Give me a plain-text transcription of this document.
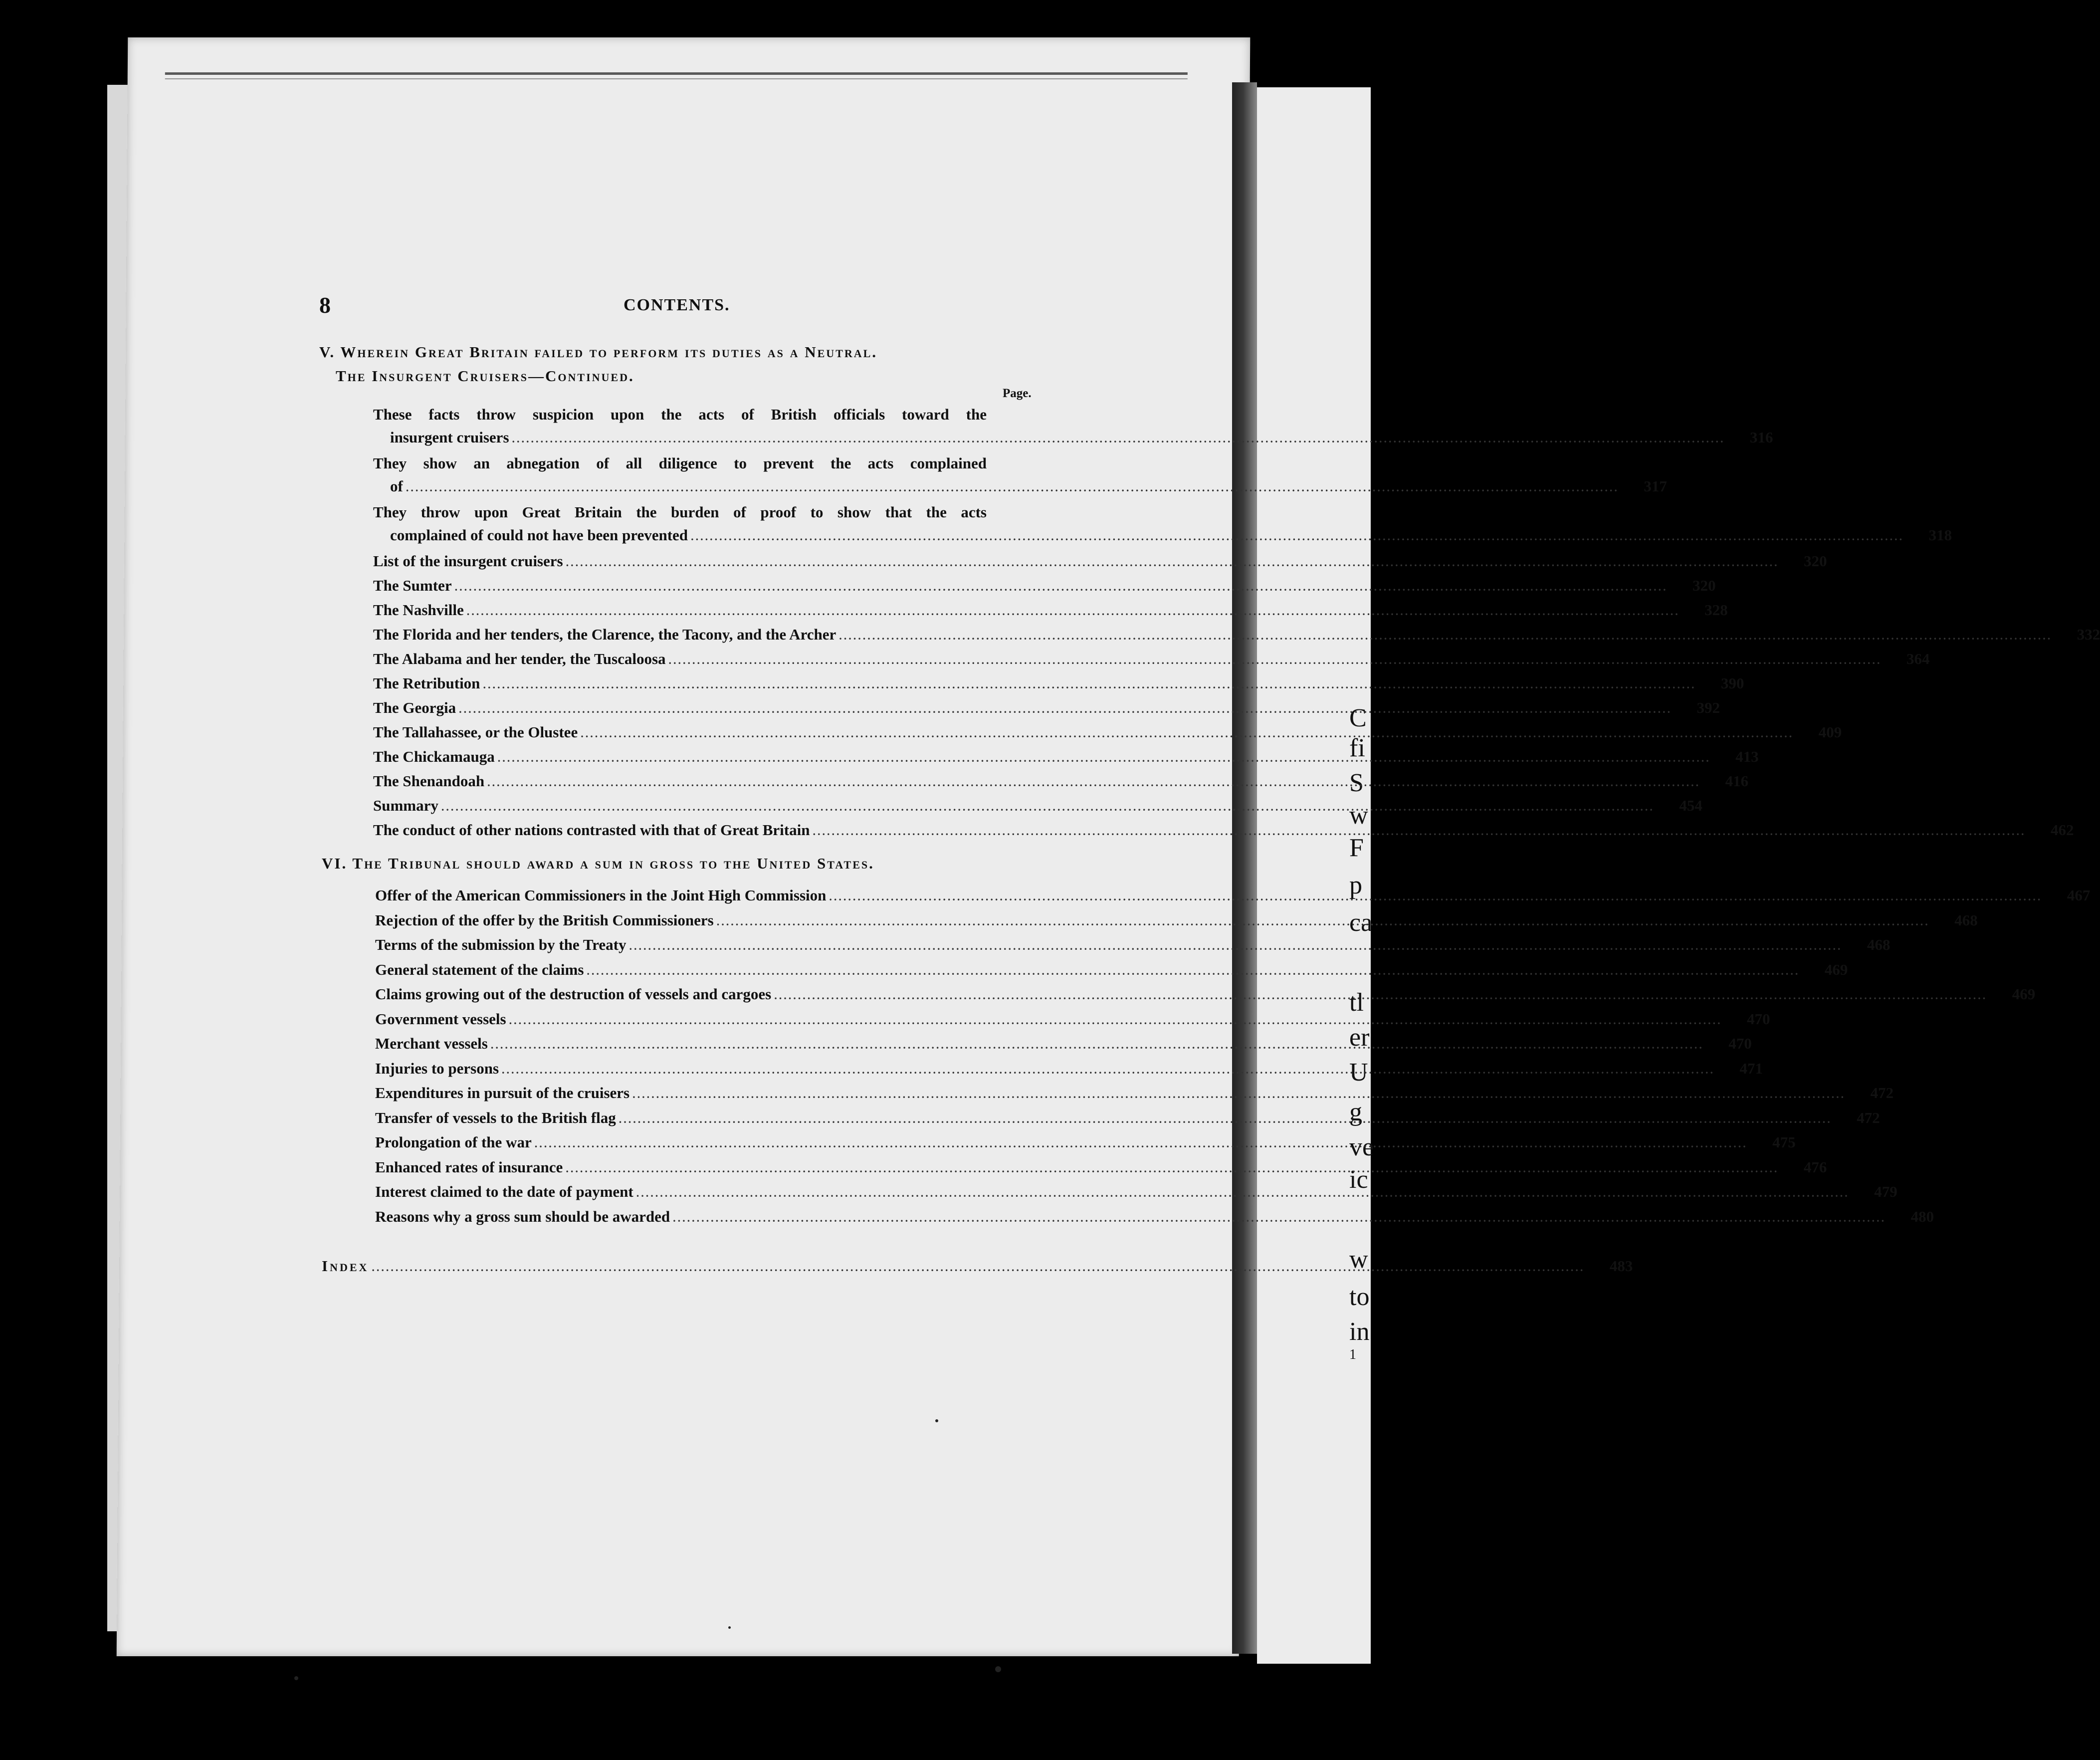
C
fi
S
w
F
p
ca
tl
er
U
g
ve
ic
w
to
in
1
8	CONTENTS.
V. Wherein Great Britain failed to perform its duties as a Neutral.
The Insurgent Cruisers—Continued.
Page.
These facts throw suspicion upon the acts of British officials toward the
insurgent cruisers .....	316
They show an abnegation of all diligence to prevent the acts complained
of .....	317
They throw upon Great Britain the burden of proof to show that the acts
complained of could not have been prevented .....	318
List of the insurgent cruisers .....	320
The Sumter .....	320
The Nashville .....	328
The Florida and her tenders, the Clarence, the Tacony, and the Archer .....	332
The Alabama and her tender, the Tuscaloosa .....	364
The Retribution .....	390
The Georgia .....	392
The Tallahassee, or the Olustee .....	409
The Chickamauga .....	413
The Shenandoah .....	416
Summary .....	454
The conduct of other nations contrasted with that of Great Britain .....	462
VI. The Tribunal should award a sum in gross to the United States.
Offer of the American Commissioners in the Joint High Commission .....	467
Rejection of the offer by the British Commissioners .....	468
Terms of the submission by the Treaty .....	468
General statement of the claims .....	469
Claims growing out of the destruction of vessels and cargoes .....	469
Government vessels .....	470
Merchant vessels .....	470
Injuries to persons .....	471
Expenditures in pursuit of the cruisers .....	472
Transfer of vessels to the British flag .....	472
Prolongation of the war .....	475
Enhanced rates of insurance .....	476
Interest claimed to the date of payment .....	479
Reasons why a gross sum should be awarded .....	480
Index .....	483
